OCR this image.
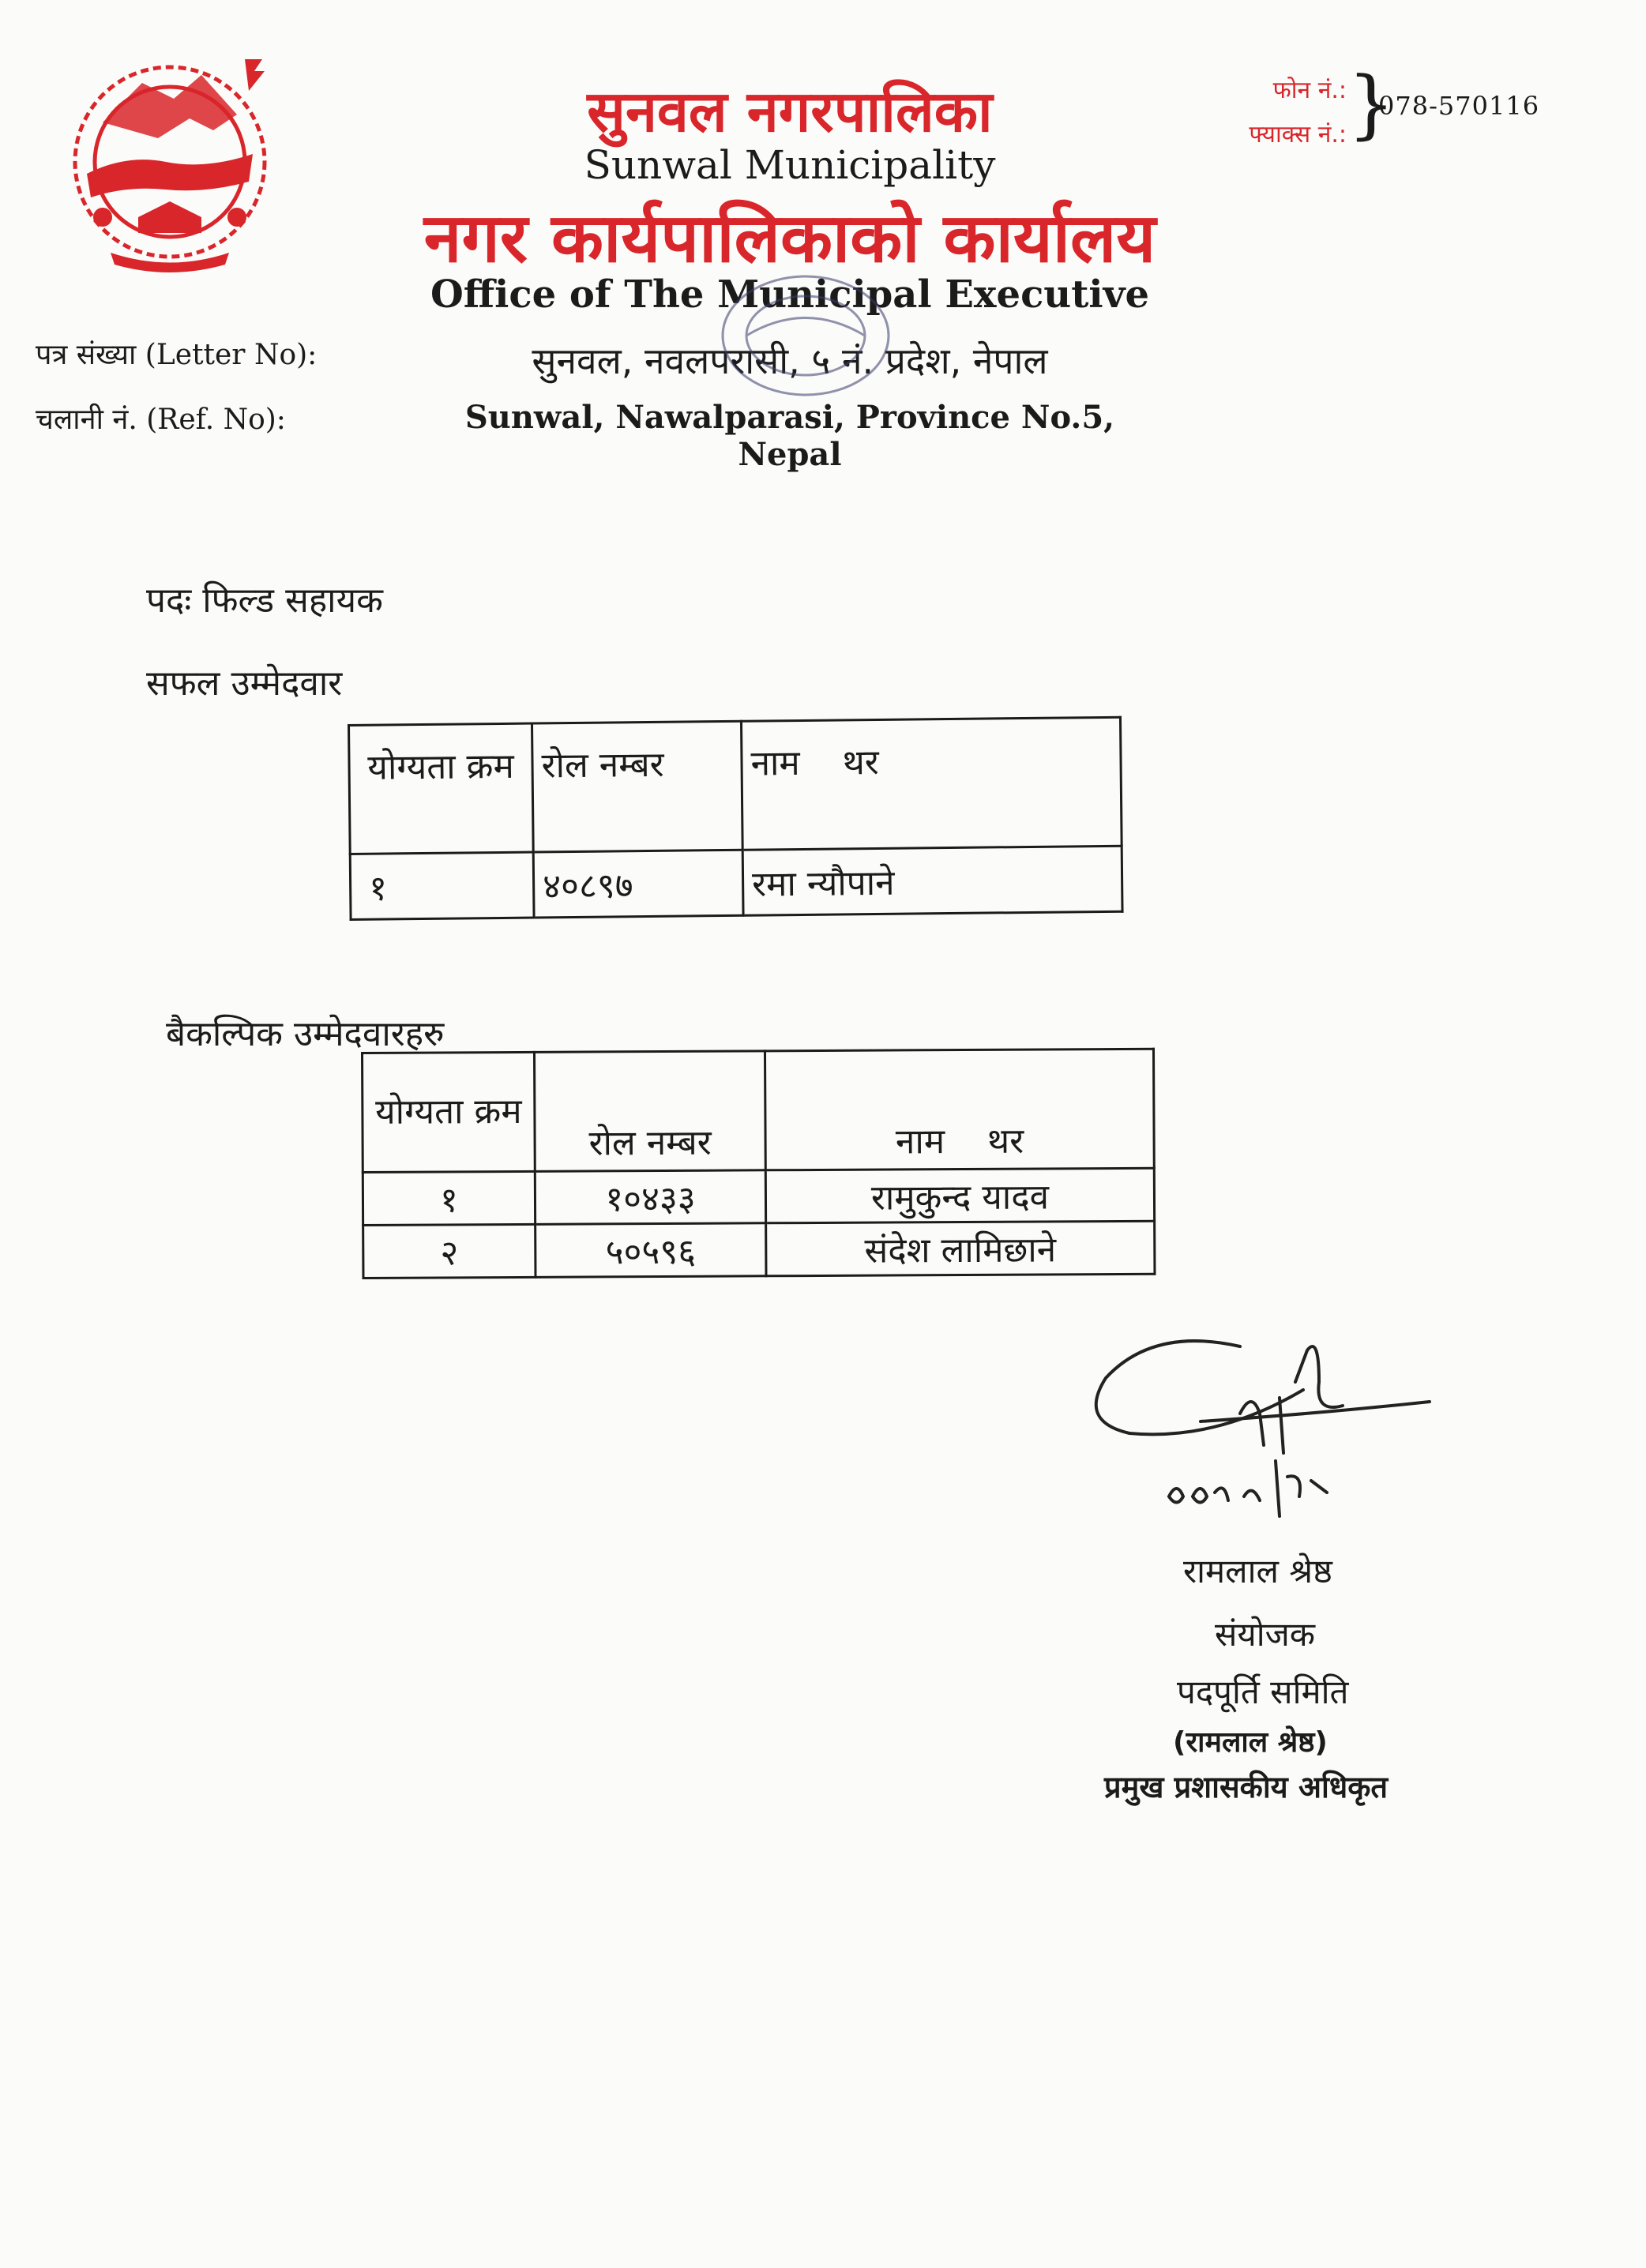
सुनवल नगरपालिका
Sunwal Municipality
नगर कार्यपालिकाको कार्यालय
Office of The Municipal Executive
सुनवल, नवलपरासी, ५ नं. प्रदेश, नेपाल
Sunwal, Nawalparasi, Province No.5, Nepal
पत्र संख्या (Letter No):
चलानी नं. (Ref. No):
फोन नं.:
फ्याक्स नं.: }
078-570116
पदः फिल्ड सहायक
सफल उम्मेदवार
योग्यता क्रम	रोल नम्बर	नाम थर
१	४०८९७	रमा न्यौपाने
बैकल्पिक उम्मेदवारहरु
योग्यता क्रम	रोल नम्बर	नाम थर
१	१०४३३	रामुकुन्द यादव
२	५०५९६	संदेश लामिछाने
रामलाल श्रेष्ठ
संयोजक
पदपूर्ति समिति
(रामलाल श्रेष्ठ)
प्रमुख प्रशासकीय अधिकृत
